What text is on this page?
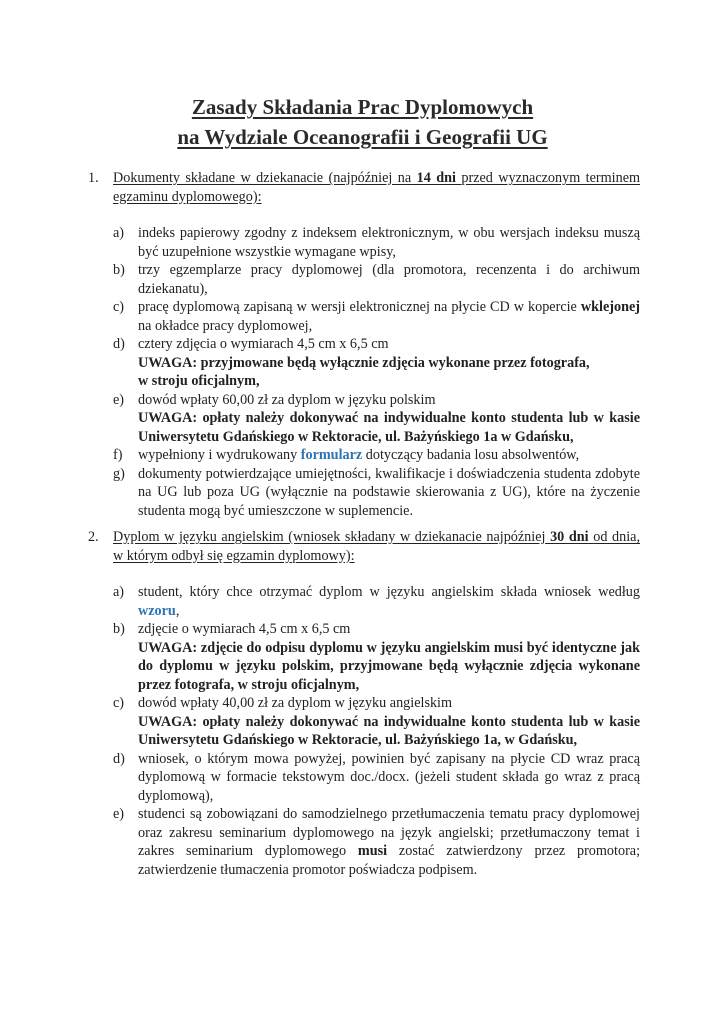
Zasady Składania Prac Dyplomowych
na Wydziale Oceanografii i Geografii UG
1. Dokumenty składane w dziekanacie (najpóźniej na 14 dni przed wyznaczonym terminem egzaminu dyplomowego):
a) indeks papierowy zgodny z indeksem elektronicznym, w obu wersjach indeksu muszą być uzupełnione wszystkie wymagane wpisy,
b) trzy egzemplarze pracy dyplomowej (dla promotora, recenzenta i do archiwum dziekanatu),
c) pracę dyplomową zapisaną w wersji elektronicznej na płycie CD w kopercie wklejonej na okładce pracy dyplomowej,
d) cztery zdjęcia o wymiarach 4,5 cm x 6,5 cm
UWAGA: przyjmowane będą wyłącznie zdjęcia wykonane przez fotografa,
w stroju oficjalnym,
e) dowód wpłaty 60,00 zł za dyplom w języku polskim
UWAGA: opłaty należy dokonywać na indywidualne konto studenta lub w kasie Uniwersytetu Gdańskiego w Rektoracie, ul. Bażyńskiego 1a w Gdańsku,
f) wypełniony i wydrukowany formularz dotyczący badania losu absolwentów,
g) dokumenty potwierdzające umiejętności, kwalifikacje i doświadczenia studenta zdobyte na UG lub poza UG (wyłącznie na podstawie skierowania z UG), które na życzenie studenta mogą być umieszczone w suplemencie.
2. Dyplom w języku angielskim (wniosek składany w dziekanacie najpóźniej 30 dni od dnia, w którym odbył się egzamin dyplomowy):
a) student, który chce otrzymać dyplom w języku angielskim składa wniosek według wzoru,
b) zdjęcie o wymiarach 4,5 cm x 6,5 cm
UWAGA: zdjęcie do odpisu dyplomu w języku angielskim musi być identyczne jak do dyplomu w języku polskim, przyjmowane będą wyłącznie zdjęcia wykonane przez fotografa, w stroju oficjalnym,
c) dowód wpłaty 40,00 zł za dyplom w języku angielskim
UWAGA: opłaty należy dokonywać na indywidualne konto studenta lub w kasie Uniwersytetu Gdańskiego w Rektoracie, ul. Bażyńskiego 1a, w Gdańsku,
d) wniosek, o którym mowa powyżej, powinien być zapisany na płycie CD wraz pracą dyplomową w formacie tekstowym doc./docx. (jeżeli student składa go wraz z pracą dyplomową),
e) studenci są zobowiązani do samodzielnego przetłumaczenia tematu pracy dyplomowej oraz zakresu seminarium dyplomowego na język angielski; przetłumaczony temat i zakres seminarium dyplomowego musi zostać zatwierdzony przez promotora; zatwierdzenie tłumaczenia promotor poświadcza podpisem.
